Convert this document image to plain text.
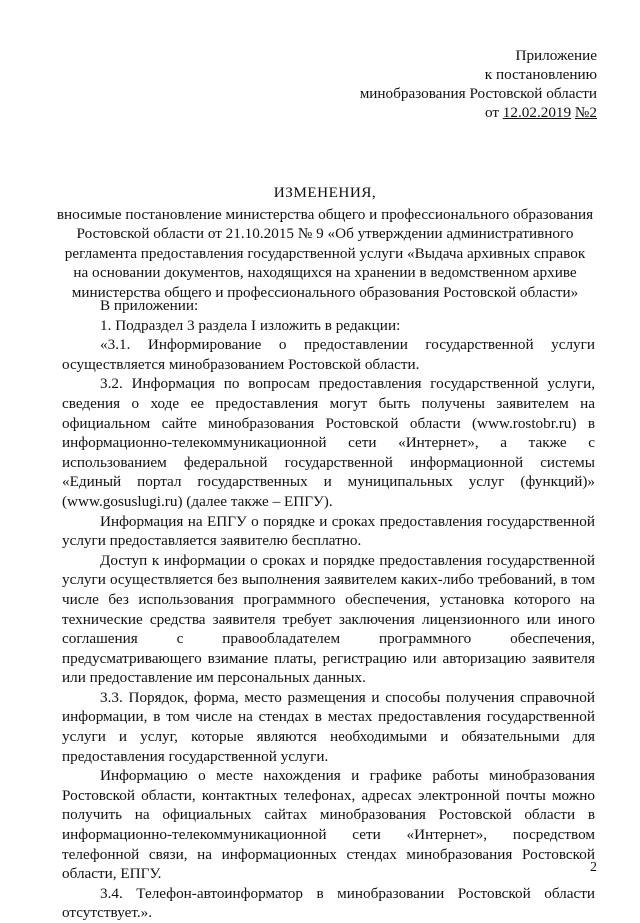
Приложение
к постановлению
минобразования Ростовской области
от 12.02.2019 №2
ИЗМЕНЕНИЯ,
вносимые постановление министерства общего и профессионального образования
Ростовской области от 21.10.2015 № 9 «Об утверждении административного
регламента предоставления государственной услуги «Выдача архивных справок
на основании документов, находящихся на хранении в ведомственном архиве
министерства общего и профессионального образования Ростовской области»

В приложении:

1. Подраздел 3 раздела I изложить в редакции:

«3.1. Информирование о предоставлении государственной услуги осуществляется минобразованием Ростовской области.

3.2. Информация по вопросам предоставления государственной услуги, сведения о ходе ее предоставления могут быть получены заявителем на официальном сайте минобразования Ростовской области (www.rostobr.ru) в информационно-телекоммуникационной сети «Интернет», а также с использованием федеральной государственной информационной системы «Единый портал государственных и муниципальных услуг (функций)» (www.gosuslugi.ru) (далее также – ЕПГУ).

Информация на ЕПГУ о порядке и сроках предоставления государственной услуги предоставляется заявителю бесплатно.

Доступ к информации о сроках и порядке предоставления государственной услуги осуществляется без выполнения заявителем каких-либо требований, в том числе без использования программного обеспечения, установка которого на технические средства заявителя требует заключения лицензионного или иного соглашения с правообладателем программного обеспечения, предусматривающего взимание платы, регистрацию или авторизацию заявителя или предоставление им персональных данных.

3.3. Порядок, форма, место размещения и способы получения справочной информации, в том числе на стендах в местах предоставления государственной услуги и услуг, которые являются необходимыми и обязательными для предоставления государственной услуги.

Информацию о месте нахождения и графике работы минобразования Ростовской области, контактных телефонах, адресах электронной почты можно получить на официальных сайтах минобразования Ростовской области в информационно-телекоммуникационной сети «Интернет», посредством телефонной связи, на информационных стендах минобразования Ростовской области, ЕПГУ.

3.4. Телефон-автоинформатор в минобразовании Ростовской области отсутствует.».

2
